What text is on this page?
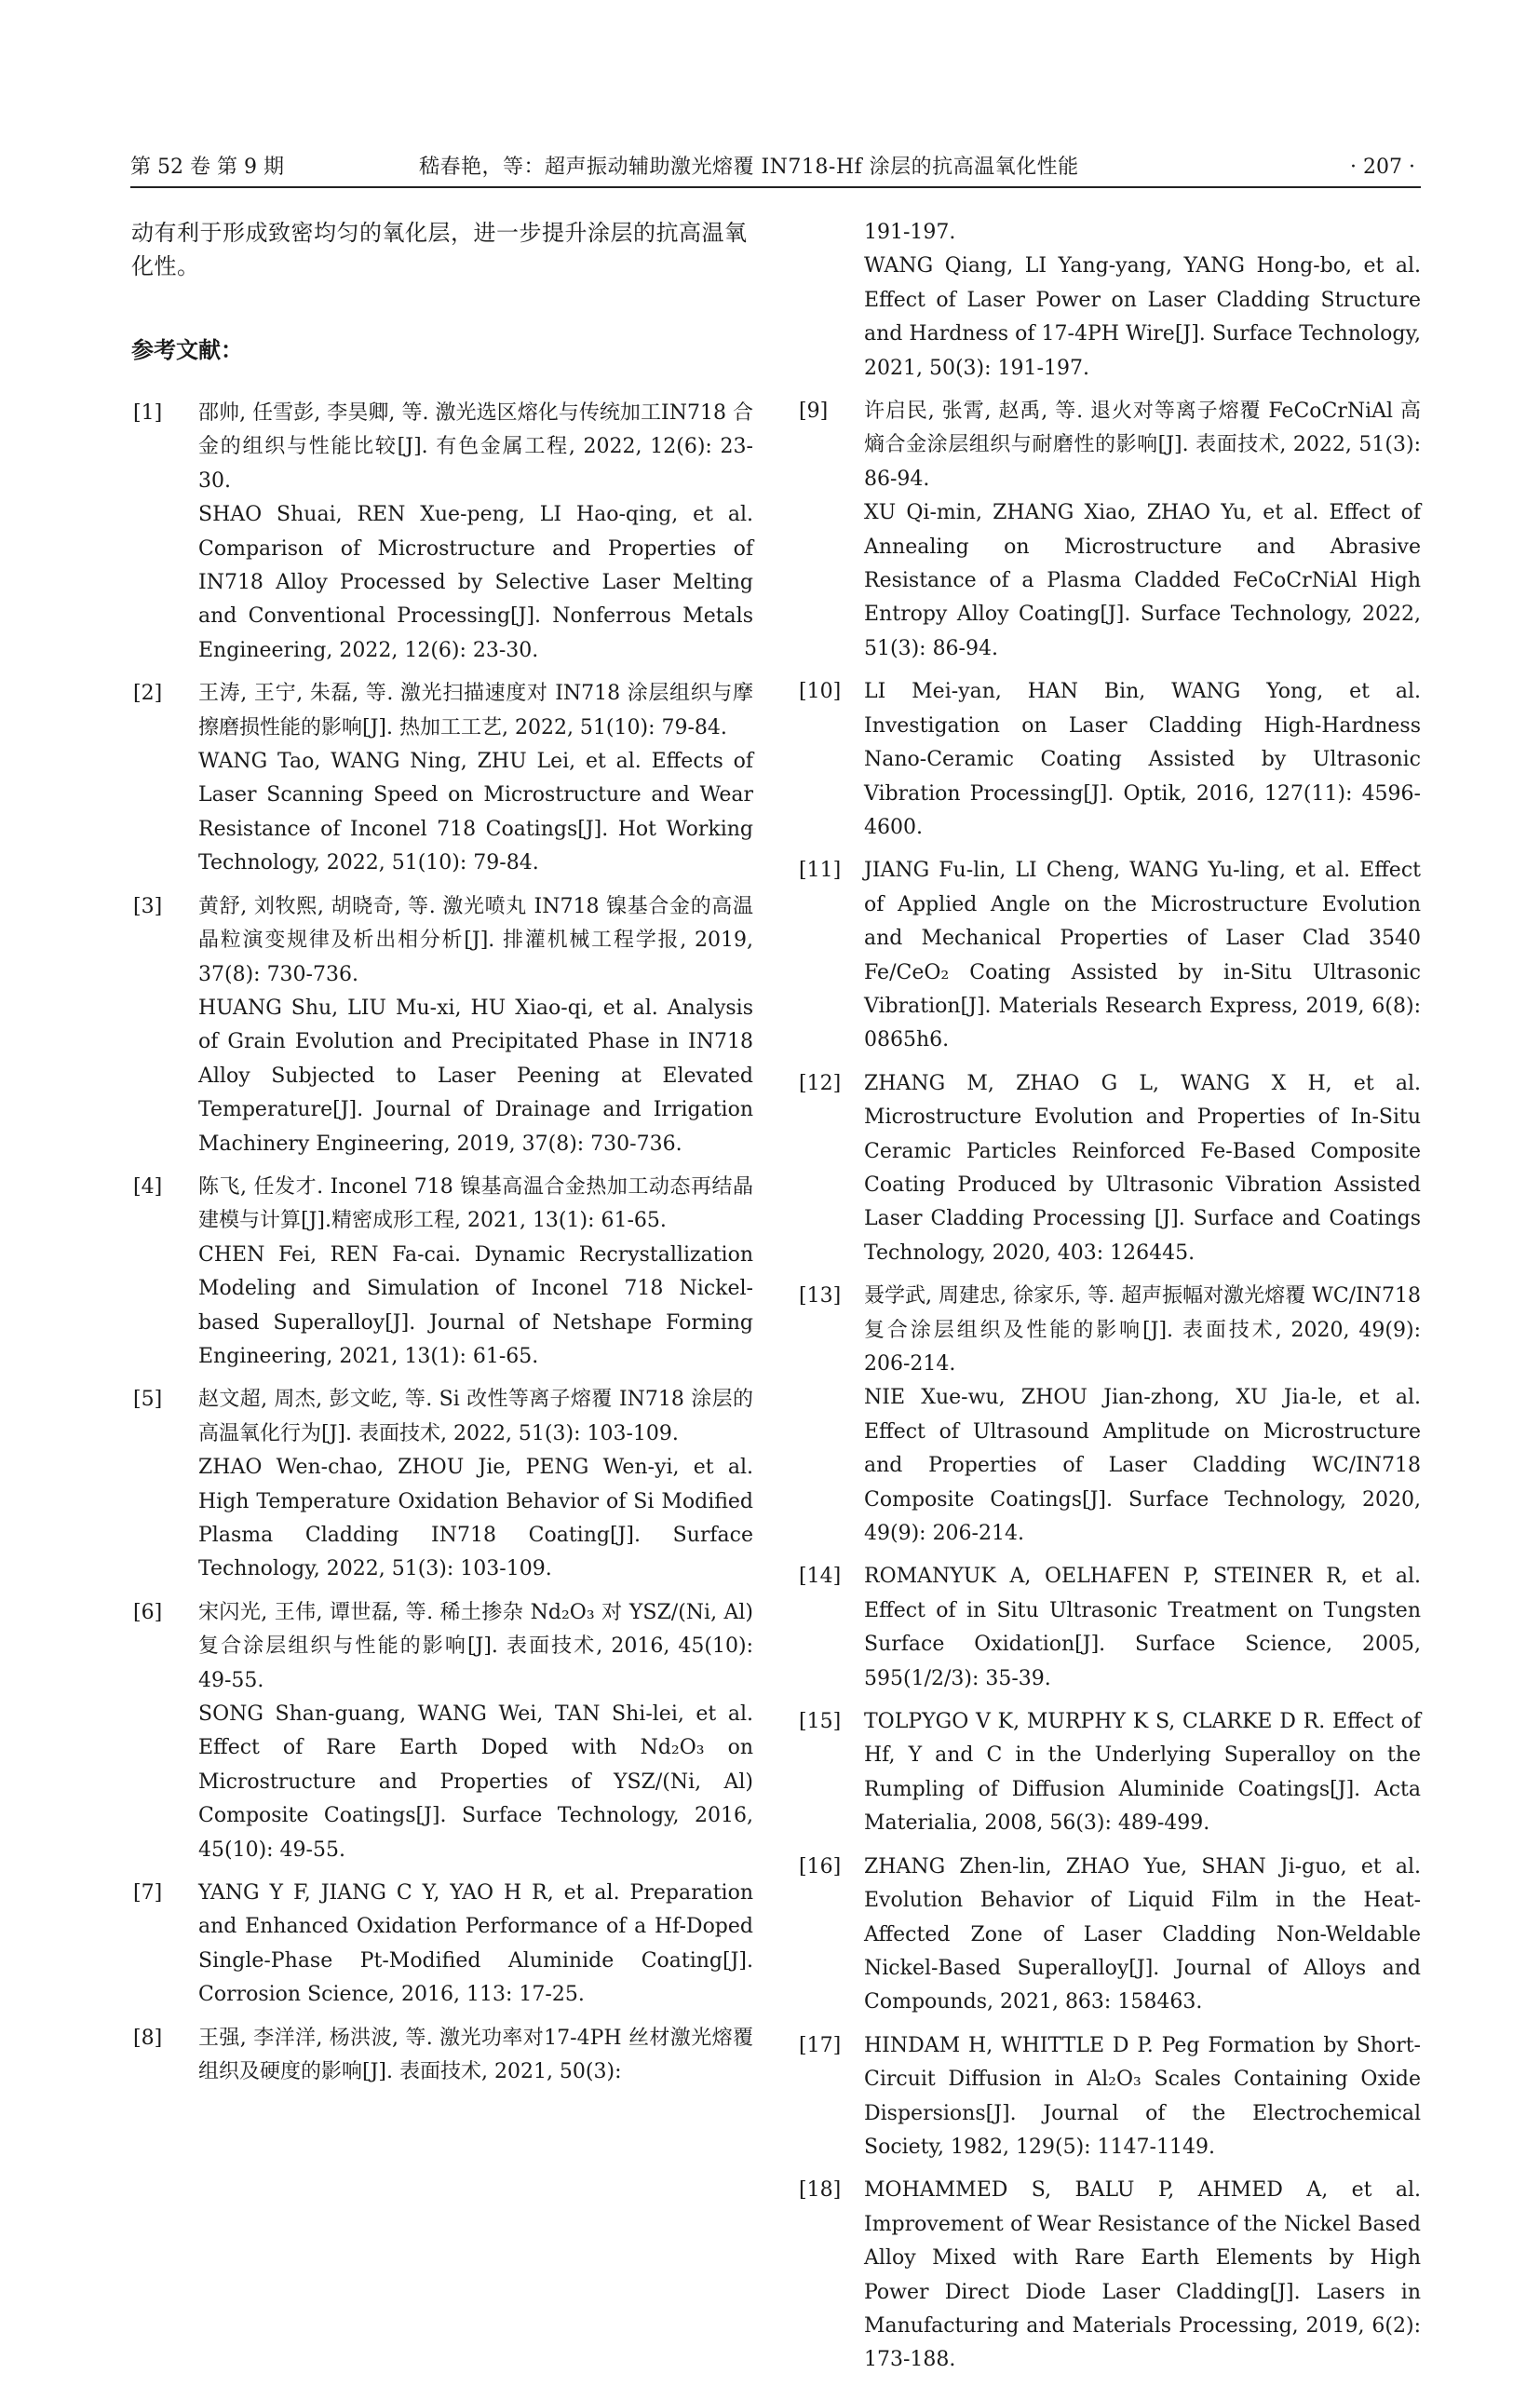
第 52 卷 第 9 期	嵇春艳，等：超声振动辅助激光熔覆 IN718-Hf 涂层的抗高温氧化性能	· 207 ·

动有利于形成致密均匀的氧化层，进一步提升涂层的抗高温氧化性。

参考文献：
[1] 邵帅, 任雪彭, 李昊卿, 等. 激光选区熔化与传统加工IN718 合金的组织与性能比较[J]. 有色金属工程, 2022, 12(6): 23-30.
SHAO Shuai, REN Xue-peng, LI Hao-qing, et al. Comparison of Microstructure and Properties of IN718 Alloy Processed by Selective Laser Melting and Conventional Processing[J]. Nonferrous Metals Engineering, 2022, 12(6): 23-30.
[2] 王涛, 王宁, 朱磊, 等. 激光扫描速度对 IN718 涂层组织与摩擦磨损性能的影响[J]. 热加工工艺, 2022, 51(10): 79-84.
WANG Tao, WANG Ning, ZHU Lei, et al. Effects of Laser Scanning Speed on Microstructure and Wear Resistance of Inconel 718 Coatings[J]. Hot Working Technology, 2022, 51(10): 79-84.
[3] 黄舒, 刘牧熙, 胡晓奇, 等. 激光喷丸 IN718 镍基合金的高温晶粒演变规律及析出相分析[J]. 排灌机械工程学报, 2019, 37(8): 730-736.
HUANG Shu, LIU Mu-xi, HU Xiao-qi, et al. Analysis of Grain Evolution and Precipitated Phase in IN718 Alloy Subjected to Laser Peening at Elevated Temperature[J]. Journal of Drainage and Irrigation Machinery Engineering, 2019, 37(8): 730-736.
[4] 陈飞, 任发才. Inconel 718 镍基高温合金热加工动态再结晶建模与计算[J].精密成形工程, 2021, 13(1): 61-65.
CHEN Fei, REN Fa-cai. Dynamic Recrystallization Modeling and Simulation of Inconel 718 Nickel-based Superalloy[J]. Journal of Netshape Forming Engineering, 2021, 13(1): 61-65.
[5] 赵文超, 周杰, 彭文屹, 等. Si 改性等离子熔覆 IN718 涂层的高温氧化行为[J]. 表面技术, 2022, 51(3): 103-109.
ZHAO Wen-chao, ZHOU Jie, PENG Wen-yi, et al. High Temperature Oxidation Behavior of Si Modified Plasma Cladding IN718 Coating[J]. Surface Technology, 2022, 51(3): 103-109.
[6] 宋闪光, 王伟, 谭世磊, 等. 稀土掺杂 Nd₂O₃ 对 YSZ/(Ni, Al)复合涂层组织与性能的影响[J]. 表面技术, 2016, 45(10): 49-55.
SONG Shan-guang, WANG Wei, TAN Shi-lei, et al. Effect of Rare Earth Doped with Nd₂O₃ on Microstructure and Properties of YSZ/(Ni, Al) Composite Coatings[J]. Surface Technology, 2016, 45(10): 49-55.
[7] YANG Y F, JIANG C Y, YAO H R, et al. Preparation and Enhanced Oxidation Performance of a Hf-Doped Single-Phase Pt-Modified Aluminide Coating[J]. Corrosion Science, 2016, 113: 17-25.
[8] 王强, 李洋洋, 杨洪波, 等. 激光功率对17-4PH 丝材激光熔覆组织及硬度的影响[J]. 表面技术, 2021, 50(3):
191-197.
WANG Qiang, LI Yang-yang, YANG Hong-bo, et al. Effect of Laser Power on Laser Cladding Structure and Hardness of 17-4PH Wire[J]. Surface Technology, 2021, 50(3): 191-197.
[9] 许启民, 张霄, 赵禹, 等. 退火对等离子熔覆 FeCoCrNiAl 高熵合金涂层组织与耐磨性的影响[J]. 表面技术, 2022, 51(3): 86-94.
XU Qi-min, ZHANG Xiao, ZHAO Yu, et al. Effect of Annealing on Microstructure and Abrasive Resistance of a Plasma Cladded FeCoCrNiAl High Entropy Alloy Coating[J]. Surface Technology, 2022, 51(3): 86-94.
[10] LI Mei-yan, HAN Bin, WANG Yong, et al. Investigation on Laser Cladding High-Hardness Nano-Ceramic Coating Assisted by Ultrasonic Vibration Processing[J]. Optik, 2016, 127(11): 4596-4600.
[11] JIANG Fu-lin, LI Cheng, WANG Yu-ling, et al. Effect of Applied Angle on the Microstructure Evolution and Mechanical Properties of Laser Clad 3540 Fe/CeO₂ Coating Assisted by in-Situ Ultrasonic Vibration[J]. Materials Research Express, 2019, 6(8): 0865h6.
[12] ZHANG M, ZHAO G L, WANG X H, et al. Microstructure Evolution and Properties of In-Situ Ceramic Particles Reinforced Fe-Based Composite Coating Produced by Ultrasonic Vibration Assisted Laser Cladding Processing [J]. Surface and Coatings Technology, 2020, 403: 126445.
[13] 聂学武, 周建忠, 徐家乐, 等. 超声振幅对激光熔覆 WC/IN718 复合涂层组织及性能的影响[J]. 表面技术, 2020, 49(9): 206-214.
NIE Xue-wu, ZHOU Jian-zhong, XU Jia-le, et al. Effect of Ultrasound Amplitude on Microstructure and Properties of Laser Cladding WC/IN718 Composite Coatings[J]. Surface Technology, 2020, 49(9): 206-214.
[14] ROMANYUK A, OELHAFEN P, STEINER R, et al. Effect of in Situ Ultrasonic Treatment on Tungsten Surface Oxidation[J]. Surface Science, 2005, 595(1/2/3): 35-39.
[15] TOLPYGO V K, MURPHY K S, CLARKE D R. Effect of Hf, Y and C in the Underlying Superalloy on the Rumpling of Diffusion Aluminide Coatings[J]. Acta Materialia, 2008, 56(3): 489-499.
[16] ZHANG Zhen-lin, ZHAO Yue, SHAN Ji-guo, et al. Evolution Behavior of Liquid Film in the Heat-Affected Zone of Laser Cladding Non-Weldable Nickel-Based Superalloy[J]. Journal of Alloys and Compounds, 2021, 863: 158463.
[17] HINDAM H, WHITTLE D P. Peg Formation by Short-Circuit Diffusion in Al₂O₃ Scales Containing Oxide Dispersions[J]. Journal of the Electrochemical Society, 1982, 129(5): 1147-1149.
[18] MOHAMMED S, BALU P, AHMED A, et al. Improvement of Wear Resistance of the Nickel Based Alloy Mixed with Rare Earth Elements by High Power Direct Diode Laser Cladding[J]. Lasers in Manufacturing and Materials Processing, 2019, 6(2): 173-188.
